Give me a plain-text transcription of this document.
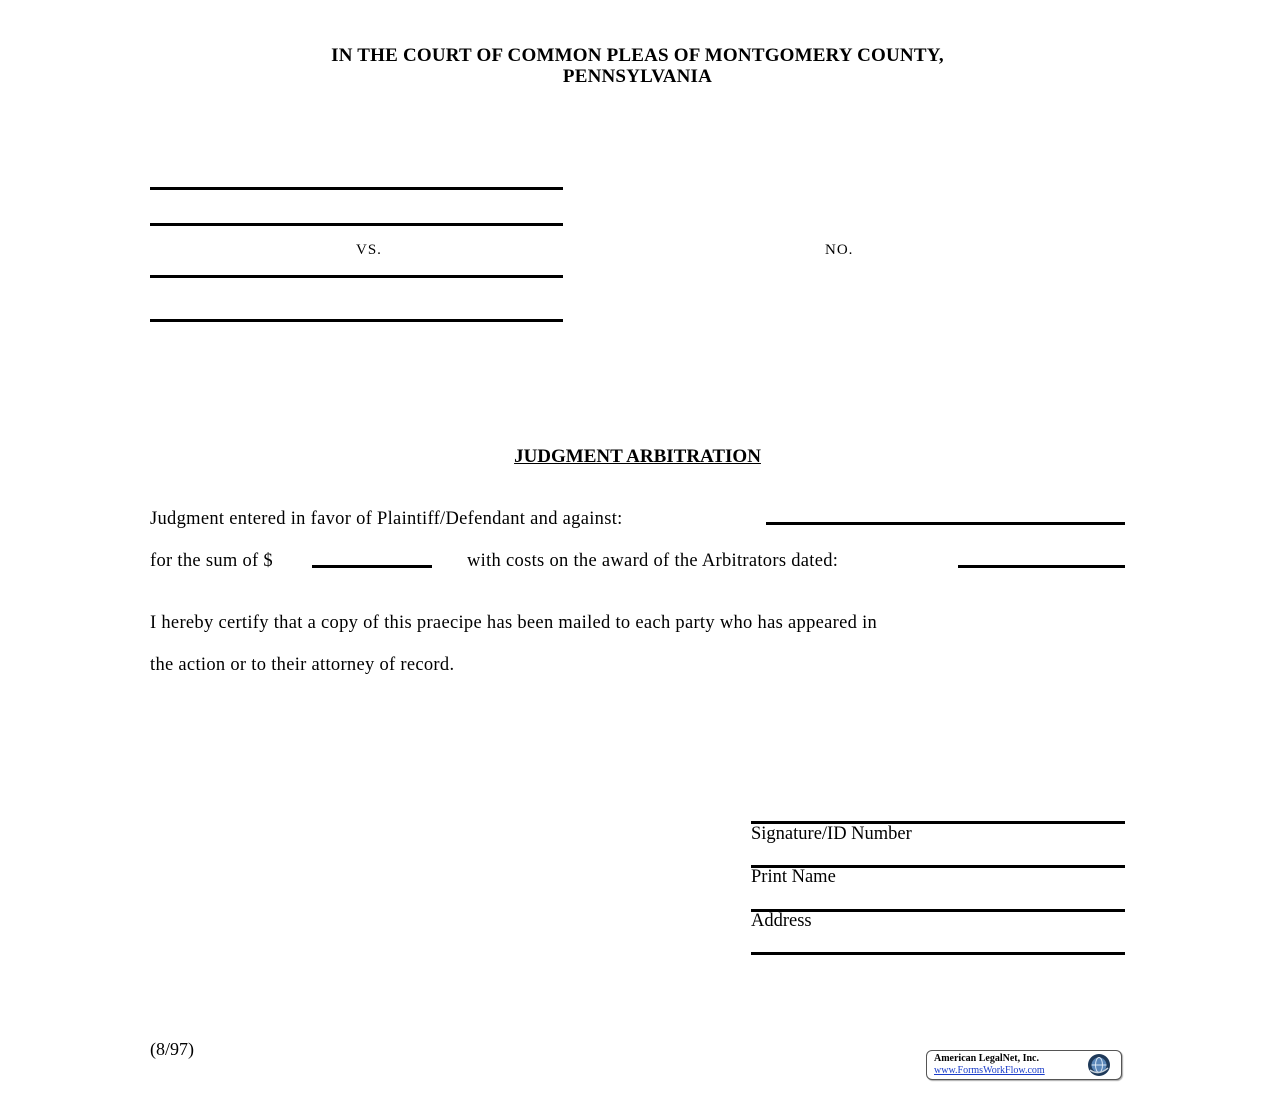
IN THE COURT OF COMMON PLEAS OF MONTGOMERY COUNTY,
PENNSYLVANIA
VS.	NO.
JUDGMENT ARBITRATION
Judgment entered in favor of Plaintiff/Defendant and against:
for the sum of $	with costs on the award of the Arbitrators dated:
I hereby certify that a copy of this praecipe has been mailed to each party who has appeared in
the action or to their attorney of record.
Signature/ID Number
Print Name
Address
(8/97)	American LegalNet, Inc.
www.FormsWorkFlow.com
